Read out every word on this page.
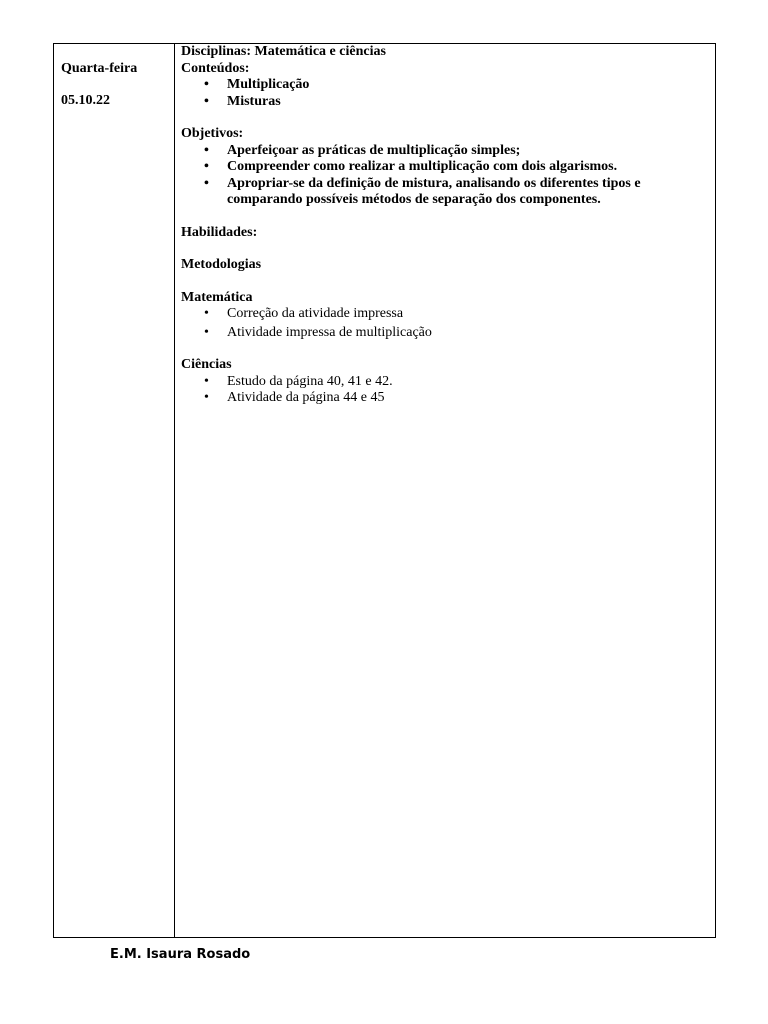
Quarta-feira
05.10.22
Disciplinas: Matemática e ciências
Conteúdos:
• Multiplicação
• Misturas
Objetivos:
• Aperfeiçoar as práticas de multiplicação simples;
• Compreender como realizar a multiplicação com dois algarismos.
• Apropriar-se da definição de mistura, analisando os diferentes tipos e comparando possíveis métodos de separação dos componentes.
Habilidades:
Metodologias
Matemática
• Correção da atividade impressa
• Atividade impressa de multiplicação
Ciências
• Estudo da página 40, 41 e 42.
• Atividade da página 44 e 45
E.M. Isaura Rosado
